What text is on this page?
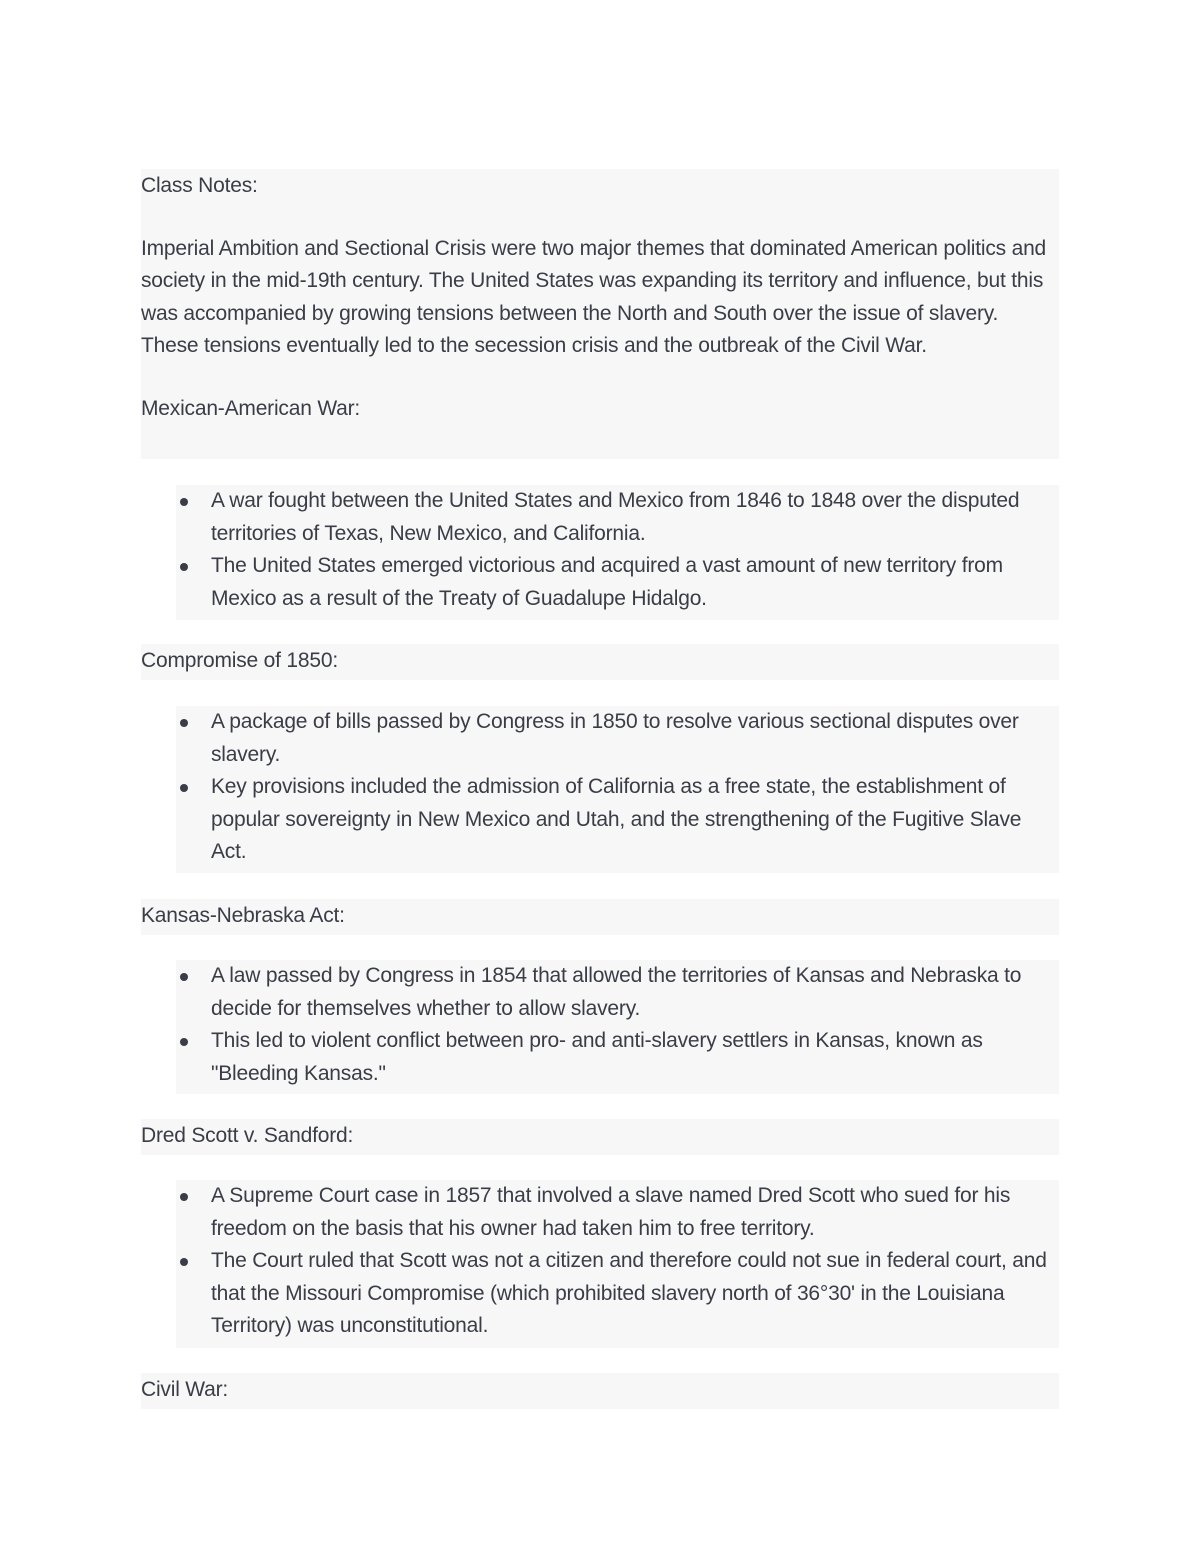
Class Notes:

Imperial Ambition and Sectional Crisis were two major themes that dominated American politics and society in the mid-19th century. The United States was expanding its territory and influence, but this was accompanied by growing tensions between the North and South over the issue of slavery. These tensions eventually led to the secession crisis and the outbreak of the Civil War.

Mexican-American War:

A war fought between the United States and Mexico from 1846 to 1848 over the disputed territories of Texas, New Mexico, and California.
The United States emerged victorious and acquired a vast amount of new territory from Mexico as a result of the Treaty of Guadalupe Hidalgo.
Compromise of 1850:
A package of bills passed by Congress in 1850 to resolve various sectional disputes over slavery.
Key provisions included the admission of California as a free state, the establishment of popular sovereignty in New Mexico and Utah, and the strengthening of the Fugitive Slave Act.
Kansas-Nebraska Act:
A law passed by Congress in 1854 that allowed the territories of Kansas and Nebraska to decide for themselves whether to allow slavery.
This led to violent conflict between pro- and anti-slavery settlers in Kansas, known as "Bleeding Kansas."
Dred Scott v. Sandford:
A Supreme Court case in 1857 that involved a slave named Dred Scott who sued for his freedom on the basis that his owner had taken him to free territory.
The Court ruled that Scott was not a citizen and therefore could not sue in federal court, and that the Missouri Compromise (which prohibited slavery north of 36°30' in the Louisiana Territory) was unconstitutional.
Civil War:
